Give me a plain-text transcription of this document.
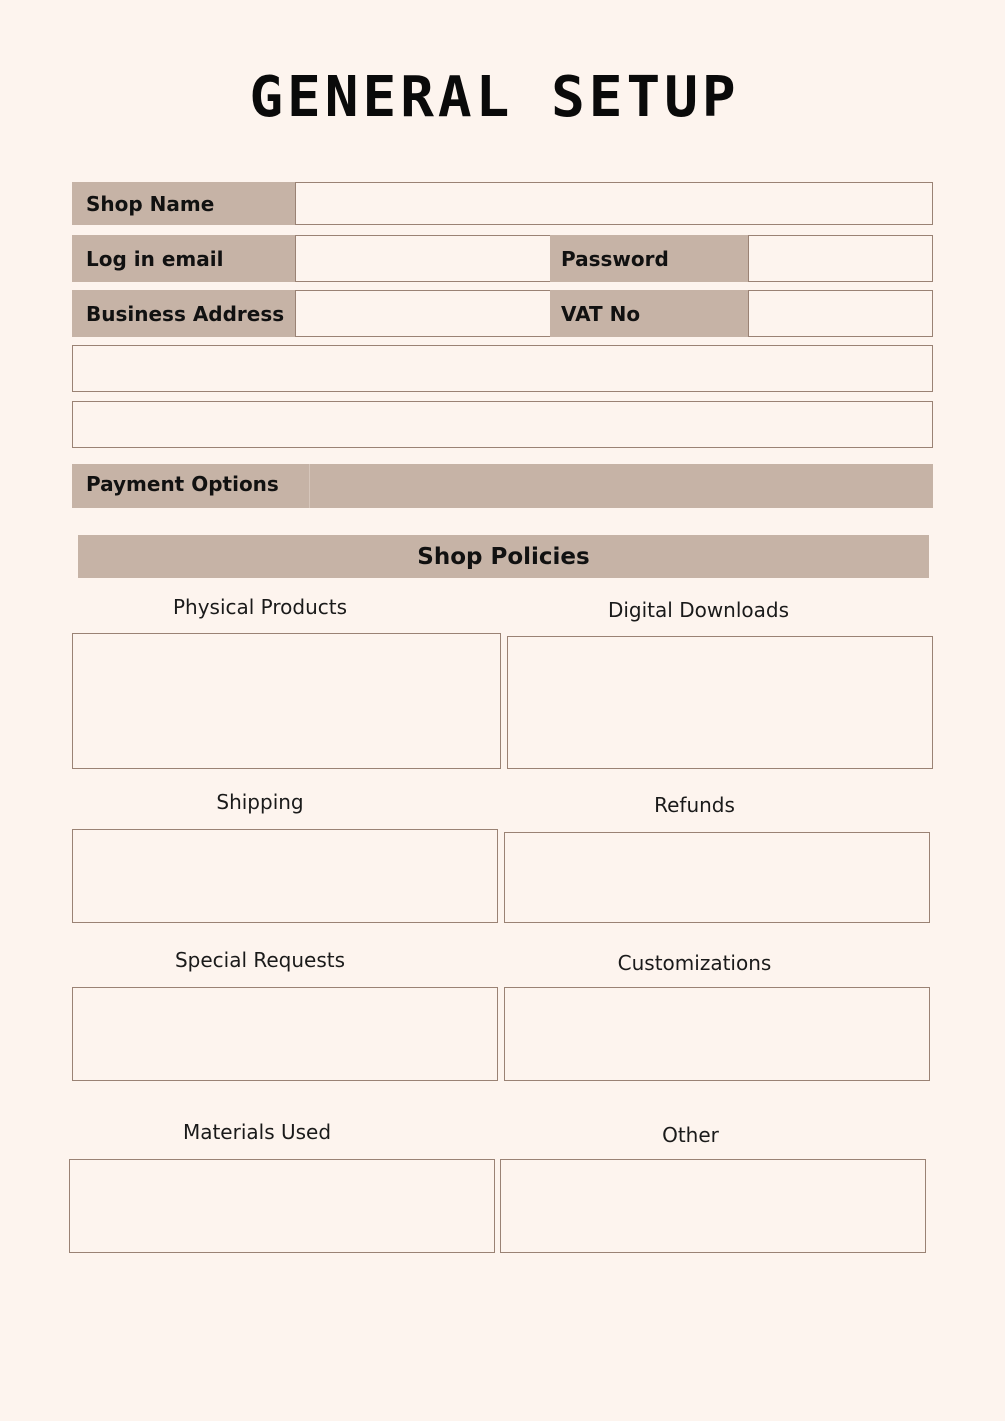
GENERAL SETUP
Shop Name
Log in email	Password
Business Address	VAT No
Payment Options
Shop Policies
Physical Products	Digital Downloads
Shipping	Refunds
Special Requests	Customizations
Materials Used	Other
